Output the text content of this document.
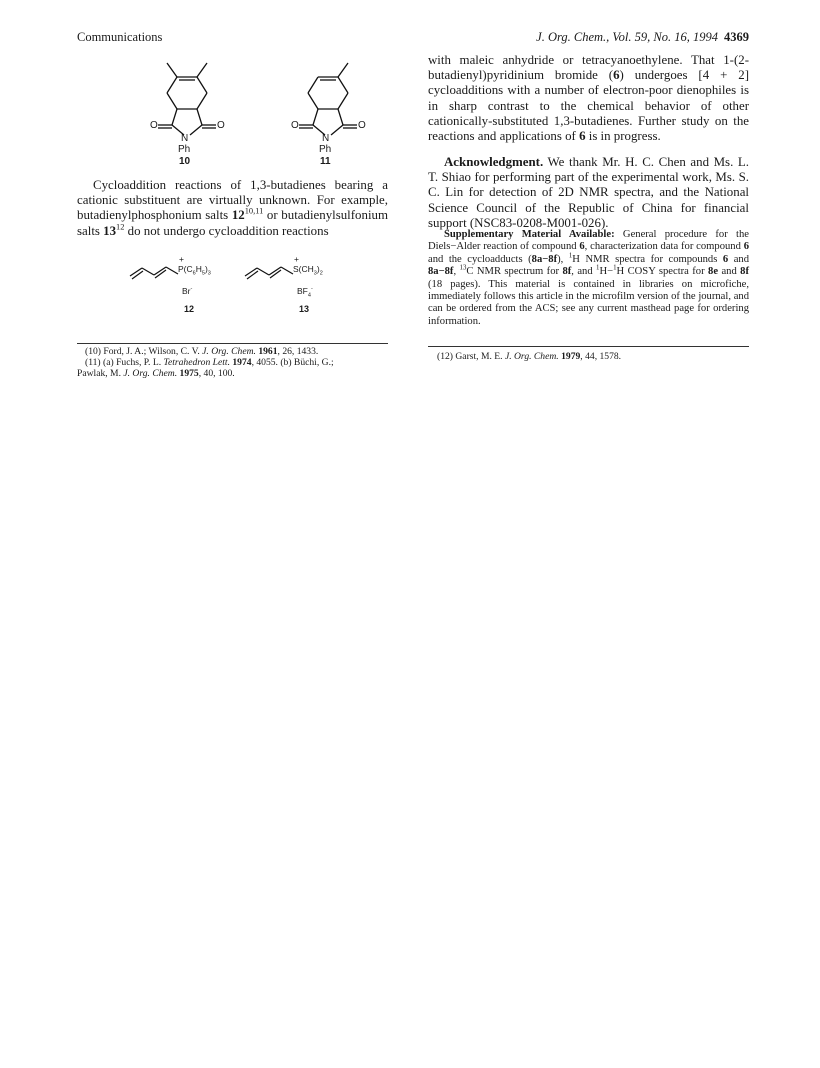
Communications	J. Org. Chem., Vol. 59, No. 16, 1994 4369
O	O
N
Ph
10
O	O
N
Ph
11

Cycloaddition reactions of 1,3-butadienes bearing a cationic substituent are virtually unknown. For example, butadienylphosphonium salts 12$^{10,11}$ or butadienylsulfonium salts $13^{12}$ do not undergo cycloaddition reactions

+
$P(C_6H_5)_3$
Br-
12
+
$S(CH_3)_2$
$BF_4^-$
13

(10) Ford, J. A.; Wilson, C. V. J. Org. Chem. 1961, 26, 1433.

(11) (a) Fuchs, P. L. Tetrahedron Lett. 1974, 4055. (b) Büchi, G.;

Pawlak, M. J. Org. Chem. 1975, 40, 100.

with maleic anhydride or tetracyanoethylene. That 1-(2-butadienyl)pyridinium bromide (6) undergoes [4 + 2] cycloadditions with a number of electron-poor dienophiles is in sharp contrast to the chemical behavior of other cationically-substituted 1,3-butadienes. Further study on the reactions and applications of 6 is in progress.

Acknowledgment. We thank Mr. H. C. Chen and Ms. L. T. Shiao for performing part of the experimental work, Ms. S. C. Lin for detection of 2D NMR spectra, and the National Science Council of the Republic of China for financial support (NSC83-0208-M001-026).

Supplementary Material Available: General procedure for the Diels−Alder reaction of compound 6, characterization data for compound 6 and the cycloadducts (8a−8f), $^1$H NMR spectra for compounds 6 and 8a−8f, $^{13}$C NMR spectrum for 8f, and $^1$H−$^1$H COSY spectra for 8e and 8f (18 pages). This material is contained in libraries on microfiche, immediately follows this article in the microfilm version of the journal, and can be ordered from the ACS; see any current masthead page for ordering information.

(12) Garst, M. E. J. Org. Chem. 1979, 44, 1578.
